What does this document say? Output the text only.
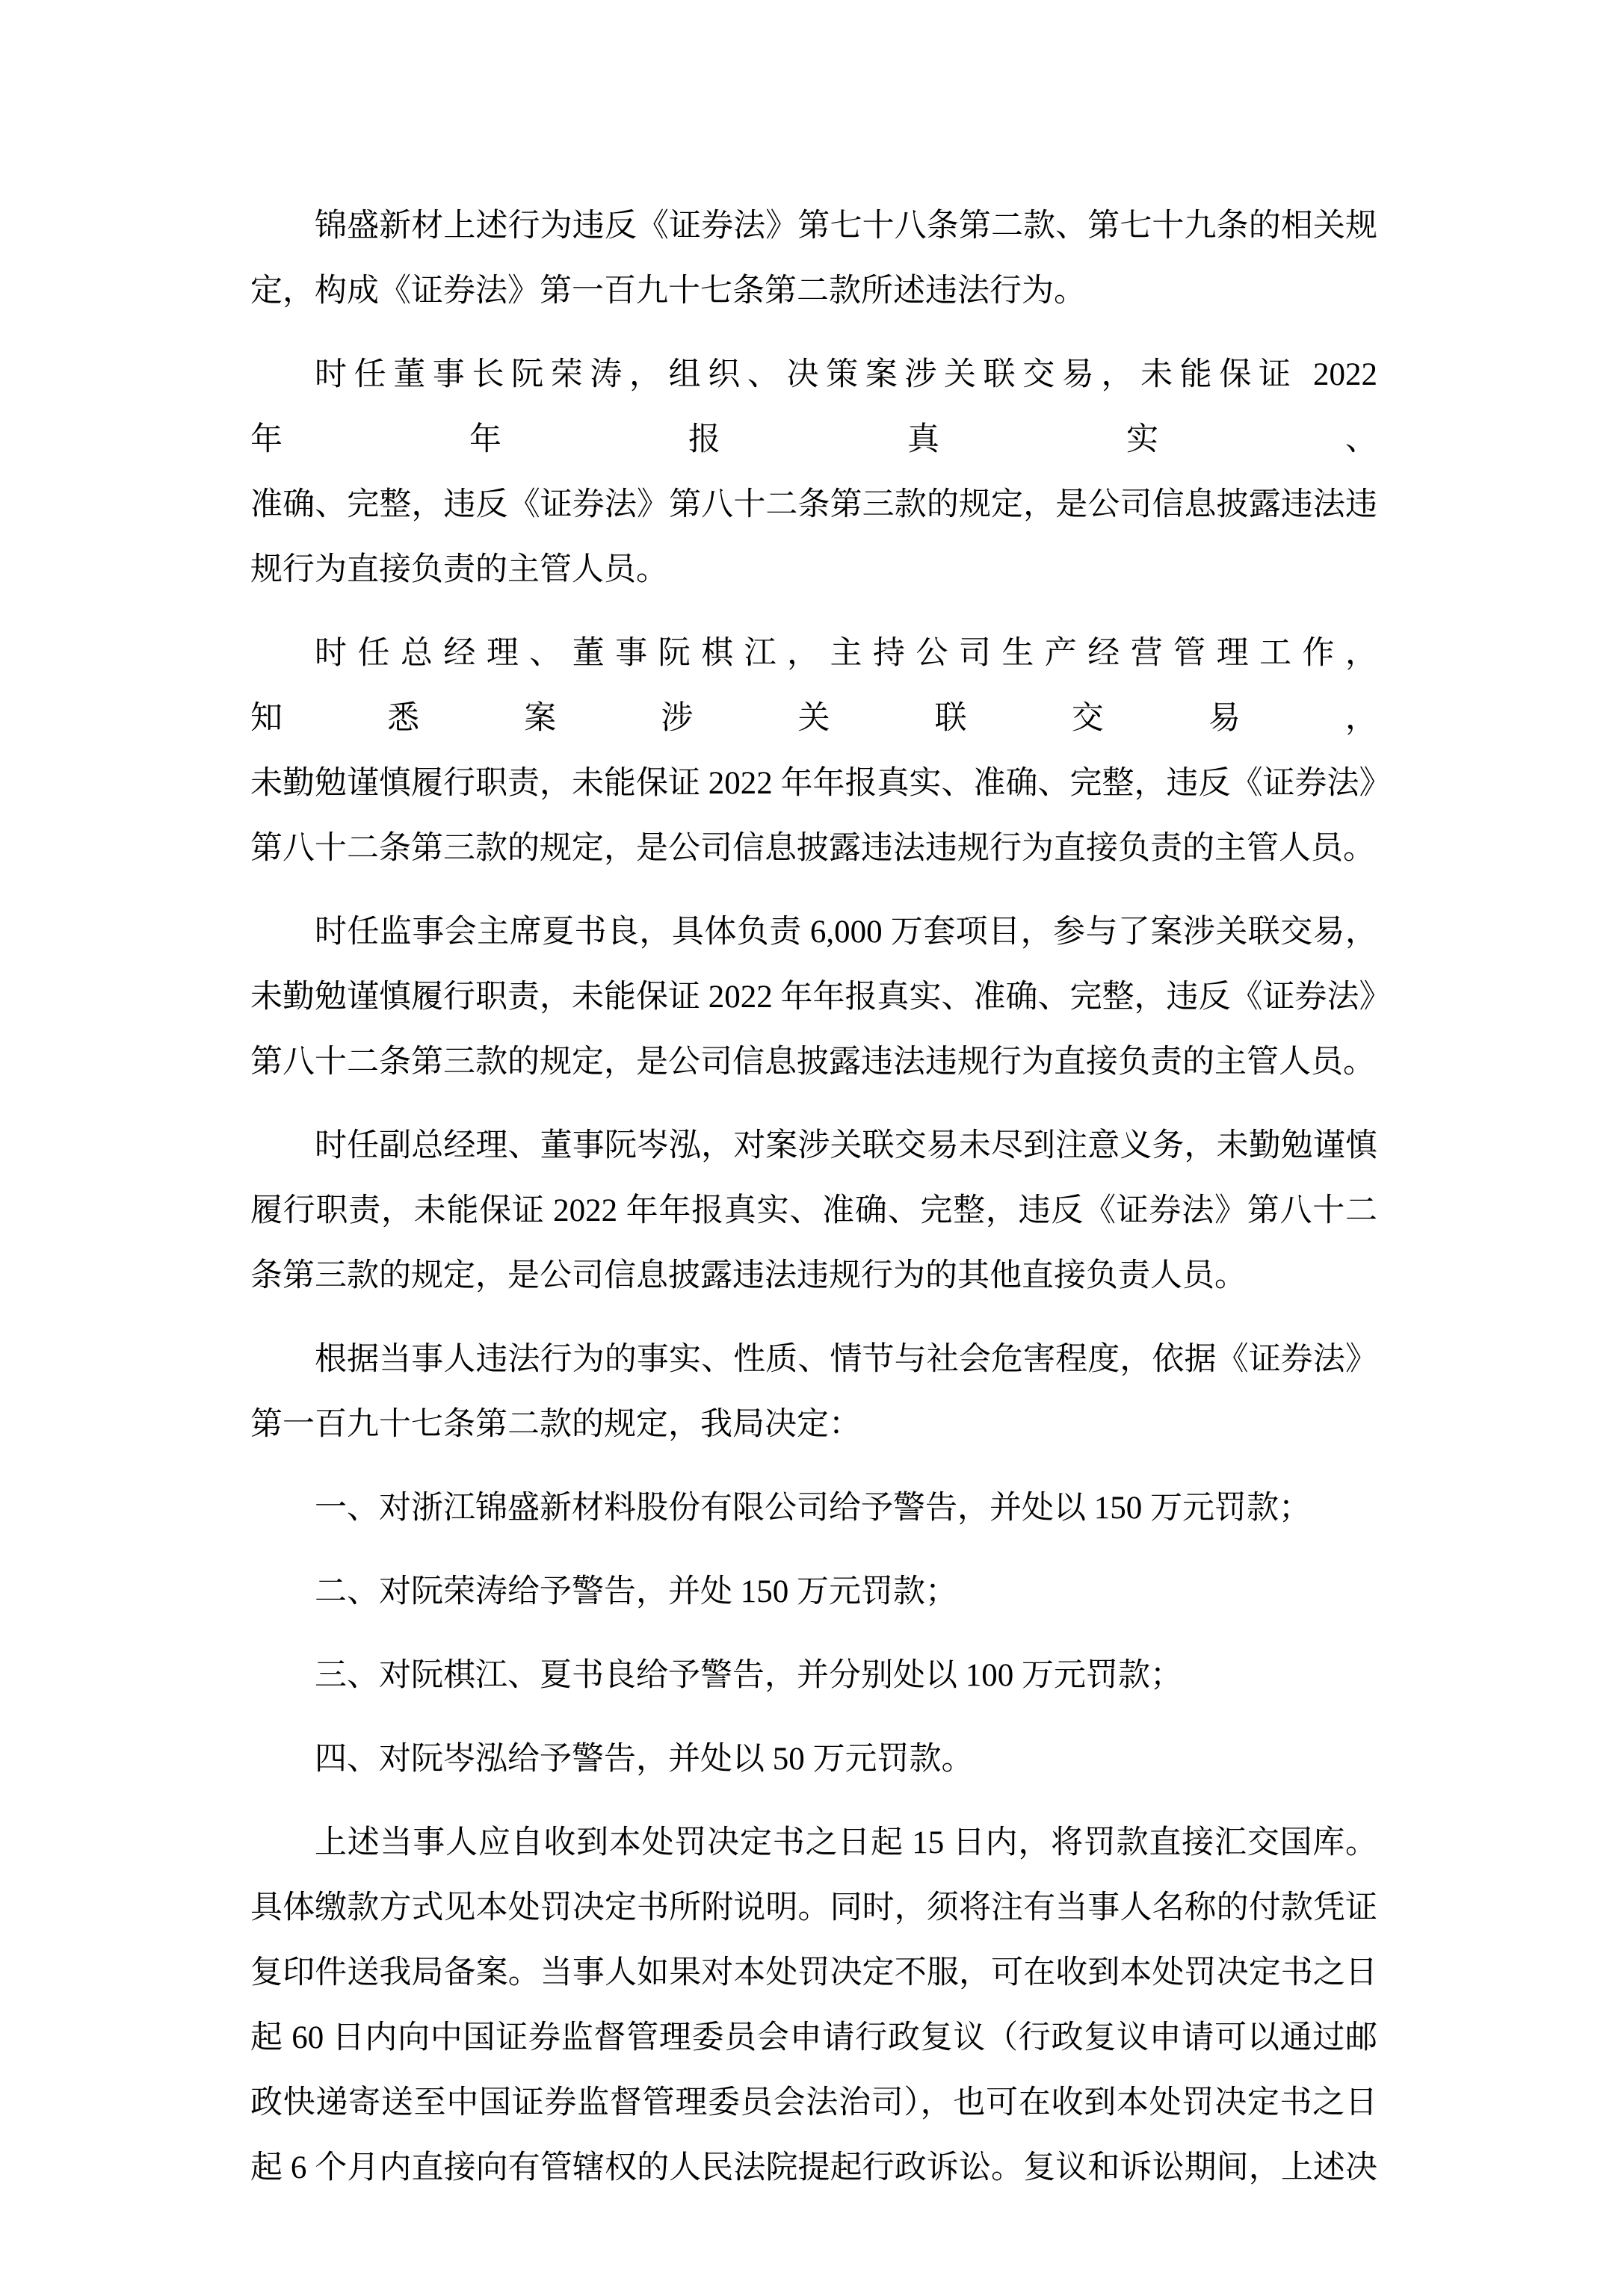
锦盛新材上述行为违反《证券法》第七十八条第二款、第七十九条的相关规
定，构成《证券法》第一百九十七条第二款所述违法行为。
时任董事长阮荣涛，组织、决策案涉关联交易，未能保证 2022 年年报真实、
准确、完整，违反《证券法》第八十二条第三款的规定，是公司信息披露违法违
规行为直接负责的主管人员。
时任总经理、董事阮棋江，主持公司生产经营管理工作，知悉案涉关联交易，
未勤勉谨慎履行职责，未能保证 2022 年年报真实、准确、完整，违反《证券法》
第八十二条第三款的规定，是公司信息披露违法违规行为直接负责的主管人员。
时任监事会主席夏书良，具体负责 6,000 万套项目，参与了案涉关联交易，
未勤勉谨慎履行职责，未能保证 2022 年年报真实、准确、完整，违反《证券法》
第八十二条第三款的规定，是公司信息披露违法违规行为直接负责的主管人员。
时任副总经理、董事阮岑泓，对案涉关联交易未尽到注意义务，未勤勉谨慎
履行职责，未能保证 2022 年年报真实、准确、完整，违反《证券法》第八十二
条第三款的规定，是公司信息披露违法违规行为的其他直接负责人员。
根据当事人违法行为的事实、性质、情节与社会危害程度，依据《证券法》
第一百九十七条第二款的规定，我局决定：
一、对浙江锦盛新材料股份有限公司给予警告，并处以 150 万元罚款；
二、对阮荣涛给予警告，并处 150 万元罚款；
三、对阮棋江、夏书良给予警告，并分别处以 100 万元罚款；
四、对阮岑泓给予警告，并处以 50 万元罚款。
上述当事人应自收到本处罚决定书之日起 15 日内，将罚款直接汇交国库。
具体缴款方式见本处罚决定书所附说明。同时，须将注有当事人名称的付款凭证
复印件送我局备案。当事人如果对本处罚决定不服，可在收到本处罚决定书之日
起 60 日内向中国证券监督管理委员会申请行政复议（行政复议申请可以通过邮
政快递寄送至中国证券监督管理委员会法治司），也可在收到本处罚决定书之日
起 6 个月内直接向有管辖权的人民法院提起行政诉讼。复议和诉讼期间，上述决
